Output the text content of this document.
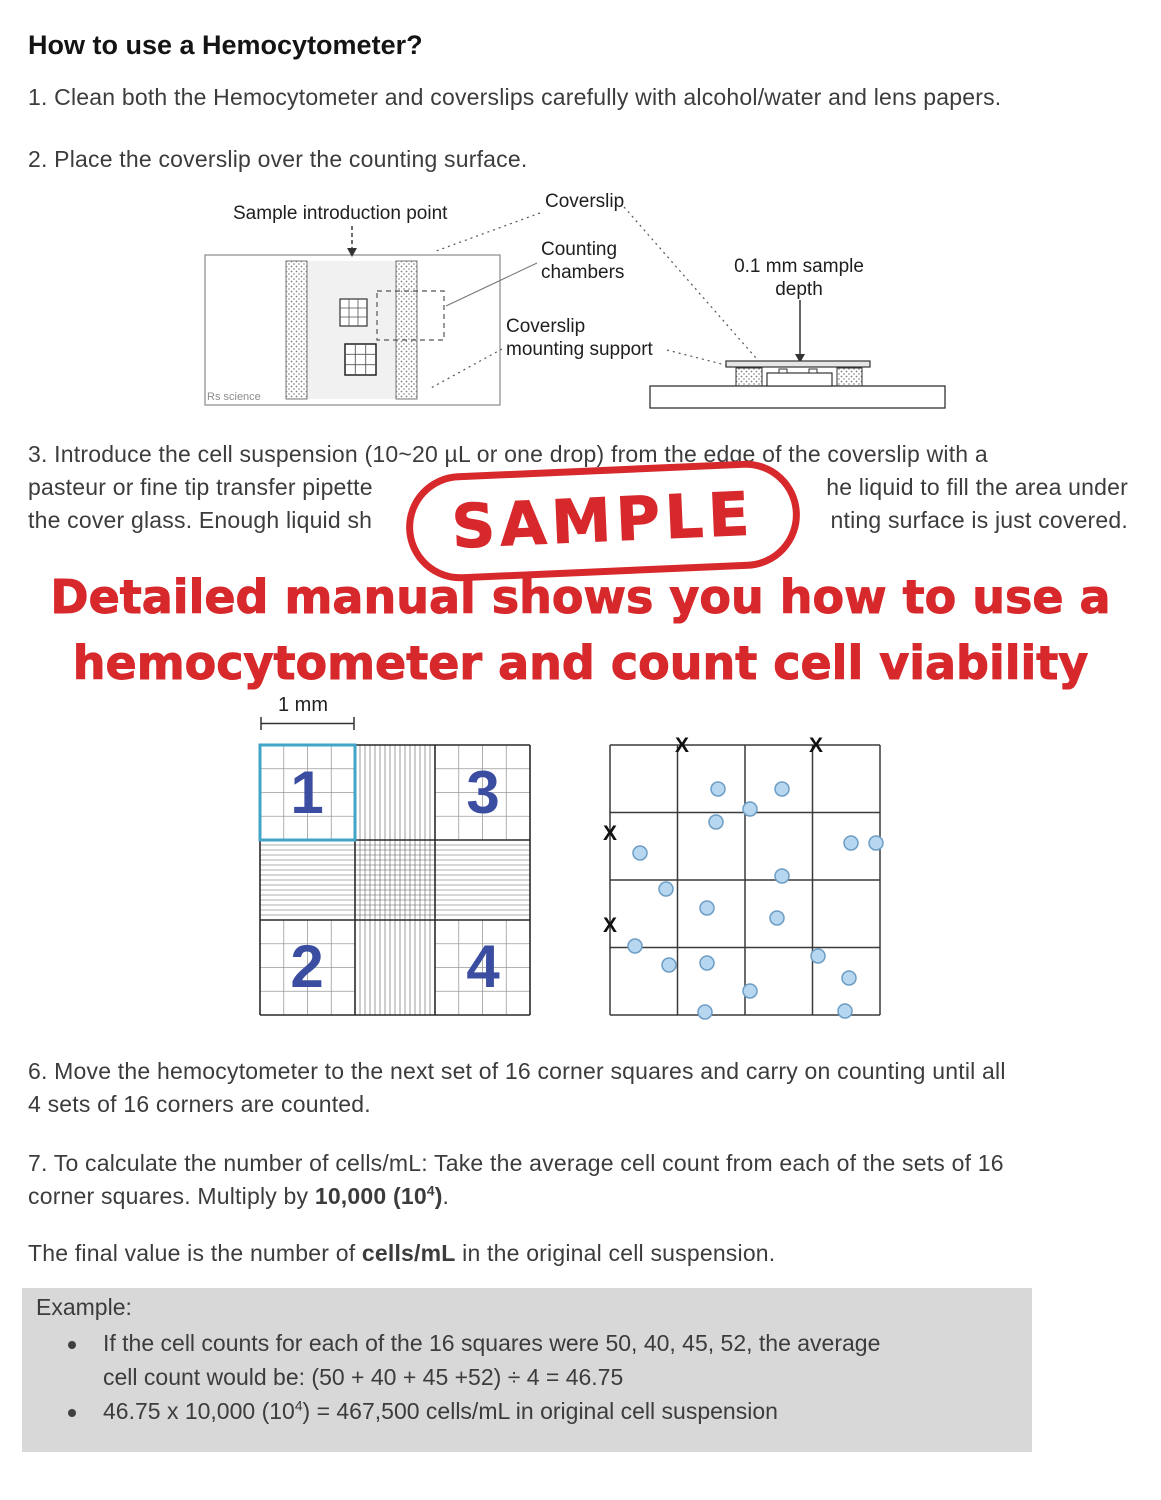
How to use a Hemocytometer?
1. Clean both the Hemocytometer and coverslips carefully with alcohol/water and lens papers.
2. Place the coverslip over the counting surface.
Sample introduction point
Coverslip
Counting
chambers
Coverslip
mounting support
0.1 mm sample
depth
Rs science
3. Introduce the cell suspension (10~20 µL or one drop) from the edge of the coverslip with a
pasteur or fine tip transfer pipette	he liquid to fill the area under
the cover glass. Enough liquid sh	nting surface is just covered.
SAMPLE
Detailed manual shows you how to use a
hemocytometer and count cell viability
1 mm
1 3
2 4
X	X
X
X
6. Move the hemocytometer to the next set of 16 corner squares and carry on counting until all
4 sets of 16 corners are counted.
7. To calculate the number of cells/mL: Take the average cell count from each of the sets of 16
corner squares. Multiply by 10,000 $(10^4)$.
The final value is the number of cells/mL in the original cell suspension.
Example:
If the cell counts for each of the 16 squares were 50, 40, 45, 52, the average
cell count would be: (50 + 40 + 45 +52) ÷ 4 = 46.75
46.75 x 10,000 $(10^4) = 467,500$ cells/mL in original cell suspension
